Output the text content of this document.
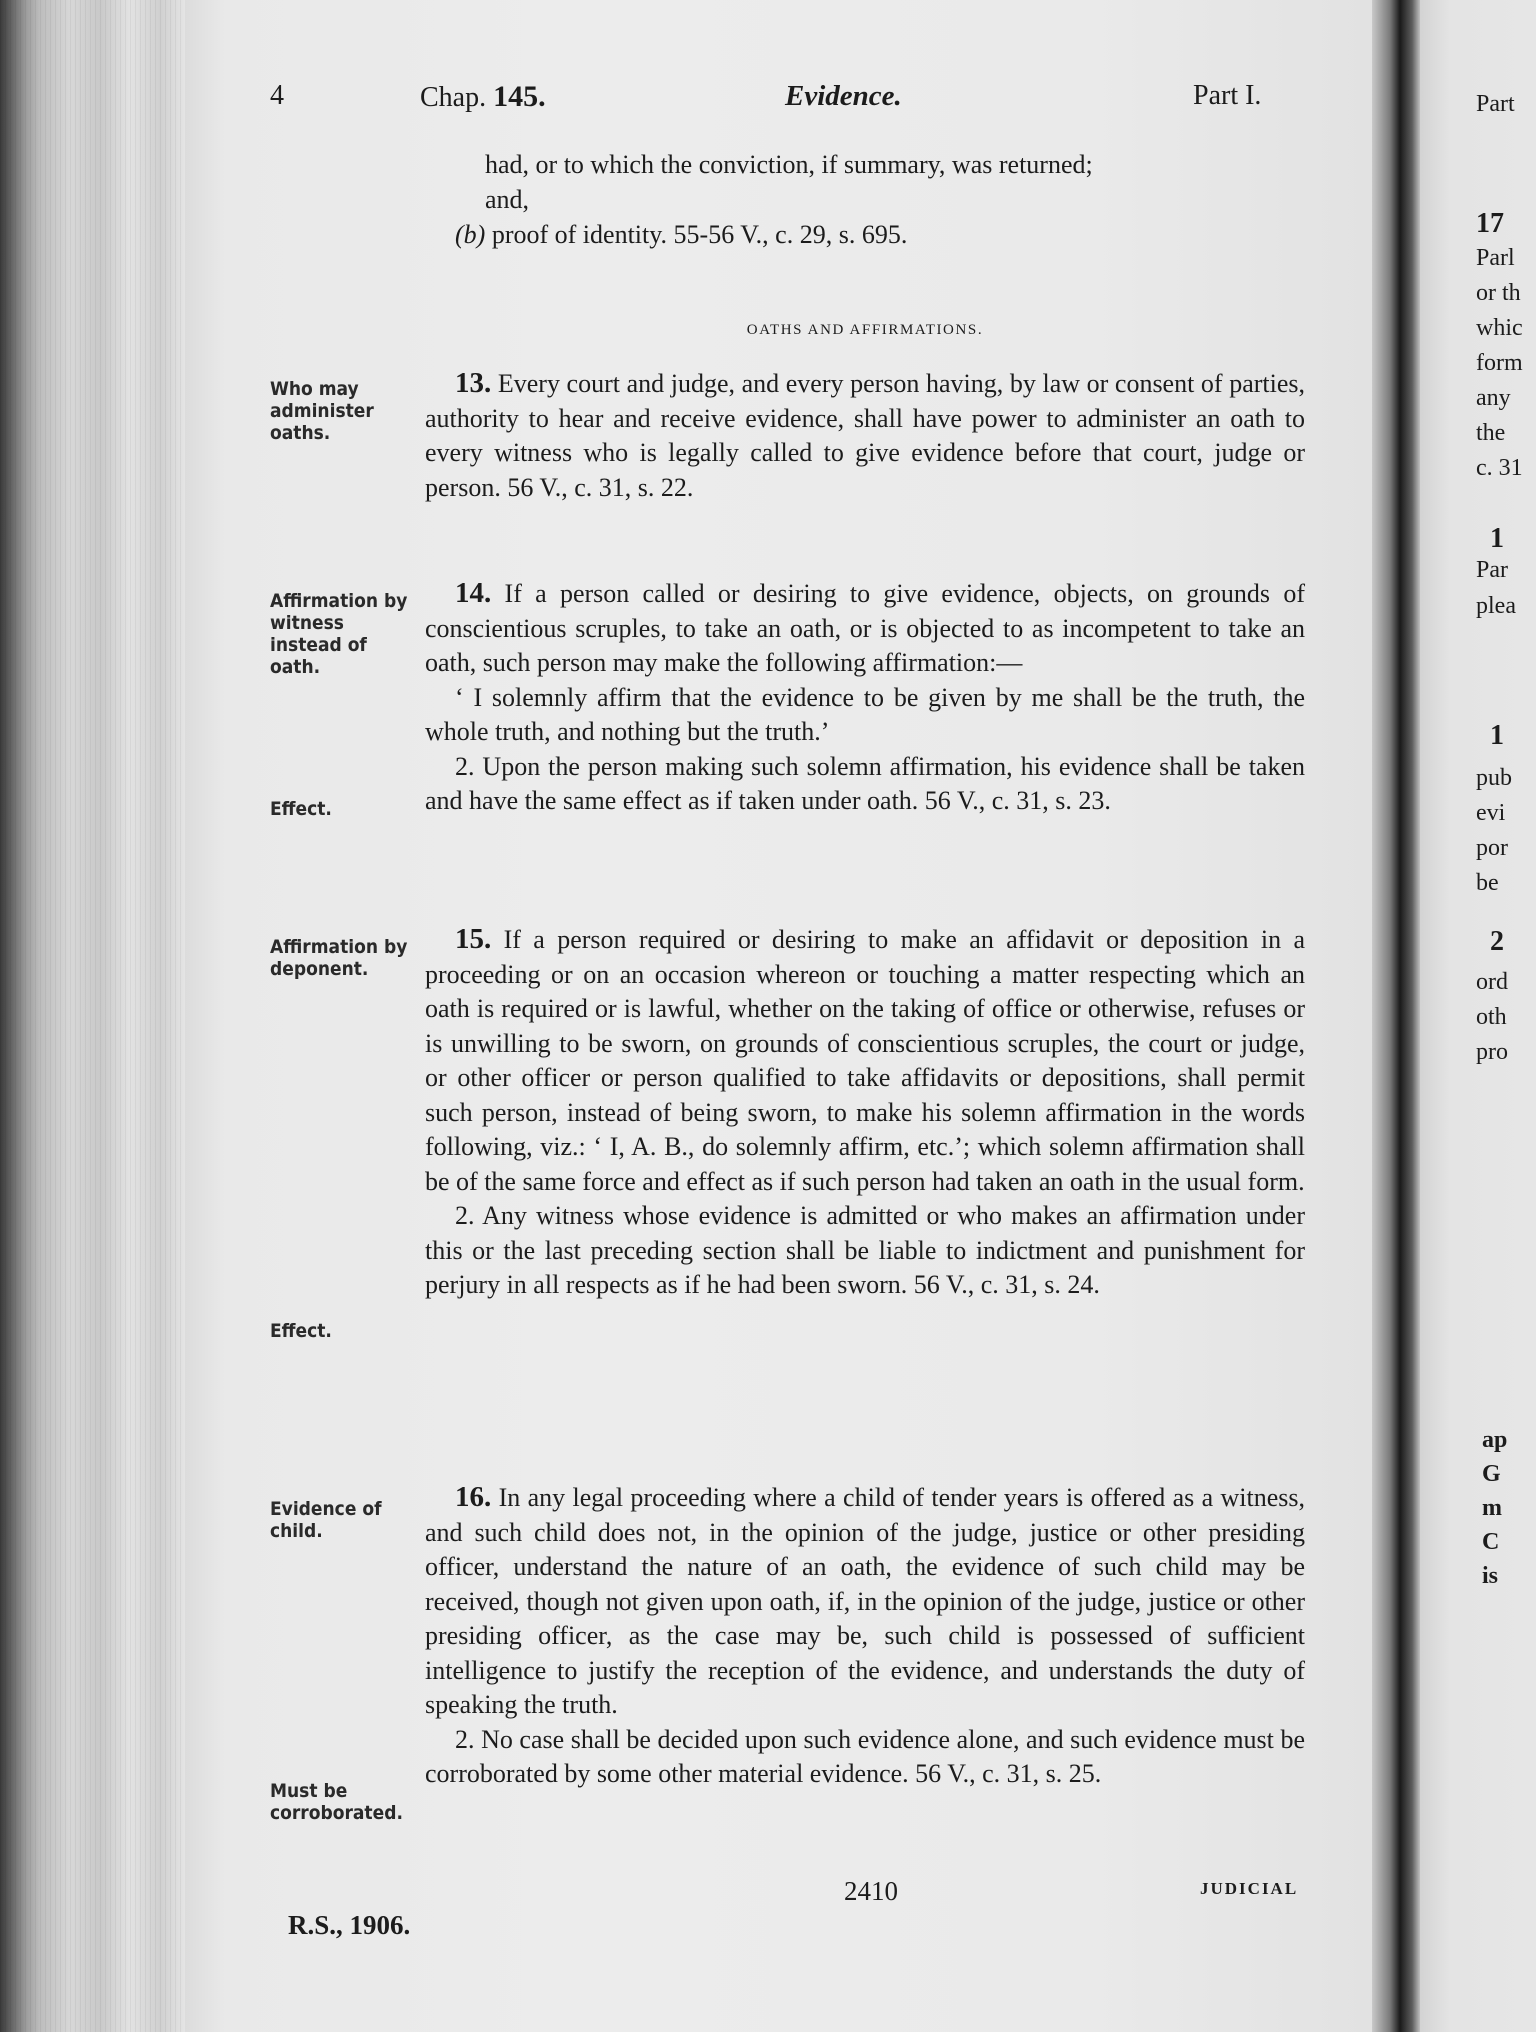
Part
17
Parl
or th
whic
form
any
the
c. 31
1
Par
plea
1
pub
evi
por
be
2
ord
oth
pro
ap
G
m
C
is
4	Chap. 145.	Evidence.	Part I.

had, or to which the conviction, if summary, was returned;

and,

(b) proof of identity. 55-56 V., c. 29, s. 695.
OATHS AND AFFIRMATIONS.
Who may administer oaths.

13. Every court and judge, and every person having, by law or consent of parties, authority to hear and receive evidence, shall have power to administer an oath to every witness who is legally called to give evidence before that court, judge or person. 56 V., c. 31, s. 22.

Affirmation by witness instead of oath.
Effect.

14. If a person called or desiring to give evidence, objects, on grounds of conscientious scruples, to take an oath, or is objected to as incompetent to take an oath, such person may make the following affirmation:—

‘ I solemnly affirm that the evidence to be given by me shall be the truth, the whole truth, and nothing but the truth.’

2. Upon the person making such solemn affirmation, his evidence shall be taken and have the same effect as if taken under oath. 56 V., c. 31, s. 23.

Affirmation by deponent.
Effect.

15. If a person required or desiring to make an affidavit or deposition in a proceeding or on an occasion whereon or touching a matter respecting which an oath is required or is lawful, whether on the taking of office or otherwise, refuses or is unwilling to be sworn, on grounds of conscientious scruples, the court or judge, or other officer or person qualified to take affidavits or depositions, shall permit such person, instead of being sworn, to make his solemn affirmation in the words following, viz.: ‘ I, A. B., do solemnly affirm, etc.’; which solemn affirmation shall be of the same force and effect as if such person had taken an oath in the usual form.

2. Any witness whose evidence is admitted or who makes an affirmation under this or the last preceding section shall be liable to indictment and punishment for perjury in all respects as if he had been sworn. 56 V., c. 31, s. 24.

Evidence of child.
Must be corroborated.

16. In any legal proceeding where a child of tender years is offered as a witness, and such child does not, in the opinion of the judge, justice or other presiding officer, understand the nature of an oath, the evidence of such child may be received, though not given upon oath, if, in the opinion of the judge, justice or other presiding officer, as the case may be, such child is possessed of sufficient intelligence to justify the reception of the evidence, and understands the duty of speaking the truth.

2. No case shall be decided upon such evidence alone, and such evidence must be corroborated by some other material evidence. 56 V., c. 31, s. 25.

2410	JUDICIAL
R.S., 1906.
